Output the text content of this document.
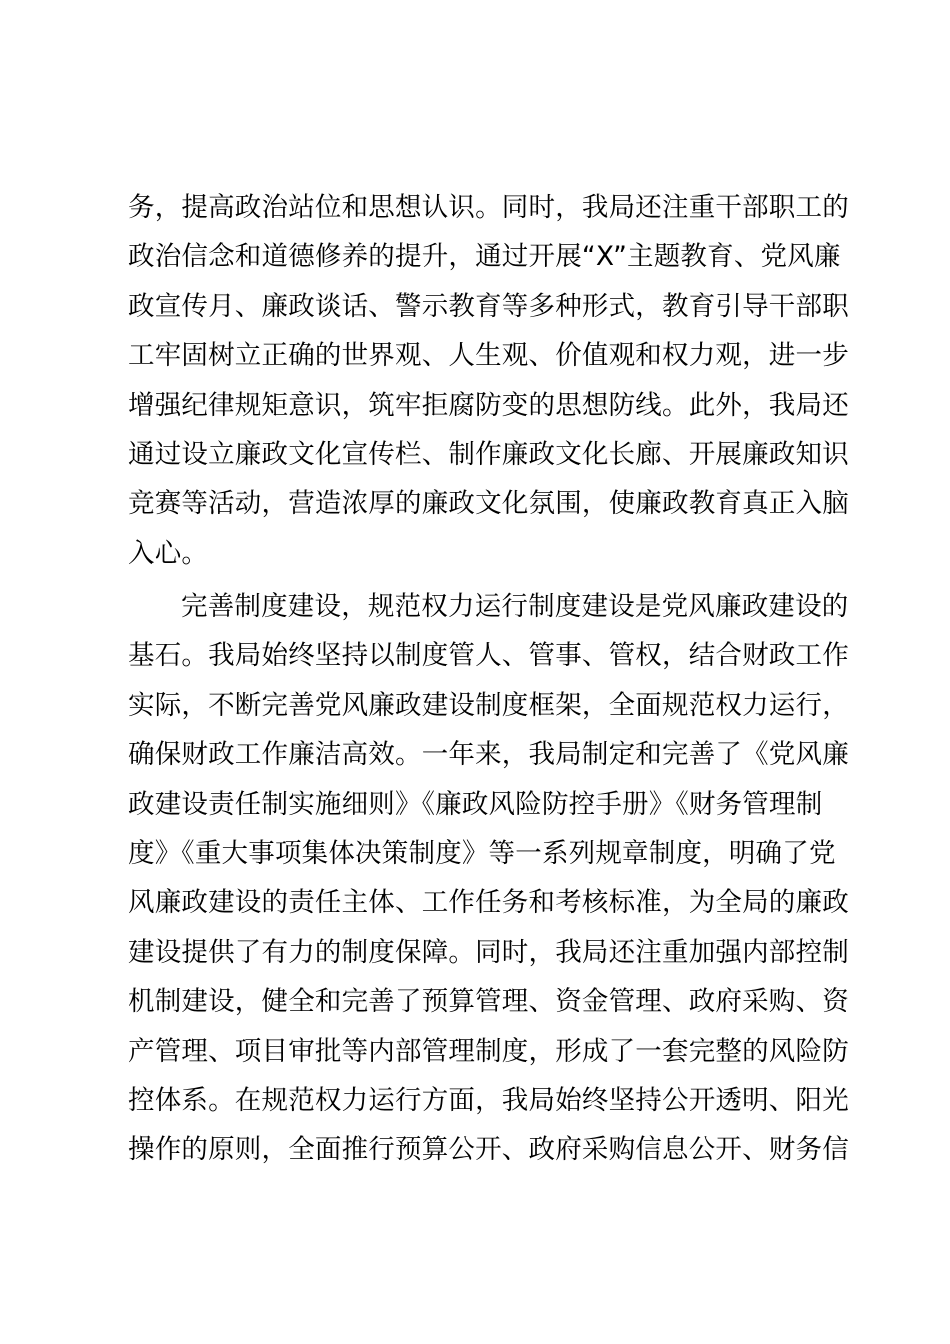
务，提高政治站位和思想认识。同时，我局还注重干部职工的
政治信念和道德修养的提升，通过开展“X”主题教育、党风廉
政宣传月、廉政谈话、警示教育等多种形式，教育引导干部职
工牢固树立正确的世界观、人生观、价值观和权力观，进一步
增强纪律规矩意识，筑牢拒腐防变的思想防线。此外，我局还
通过设立廉政文化宣传栏、制作廉政文化长廊、开展廉政知识
竞赛等活动，营造浓厚的廉政文化氛围，使廉政教育真正入脑
入心。
完善制度建设，规范权力运行制度建设是党风廉政建设的
基石。我局始终坚持以制度管人、管事、管权，结合财政工作
实际，不断完善党风廉政建设制度框架，全面规范权力运行，
确保财政工作廉洁高效。一年来，我局制定和完善了《党风廉
政建设责任制实施细则》《廉政风险防控手册》《财务管理制
度》《重大事项集体决策制度》等一系列规章制度，明确了党
风廉政建设的责任主体、工作任务和考核标准，为全局的廉政
建设提供了有力的制度保障。同时，我局还注重加强内部控制
机制建设，健全和完善了预算管理、资金管理、政府采购、资
产管理、项目审批等内部管理制度，形成了一套完整的风险防
控体系。在规范权力运行方面，我局始终坚持公开透明、阳光
操作的原则，全面推行预算公开、政府采购信息公开、财务信
